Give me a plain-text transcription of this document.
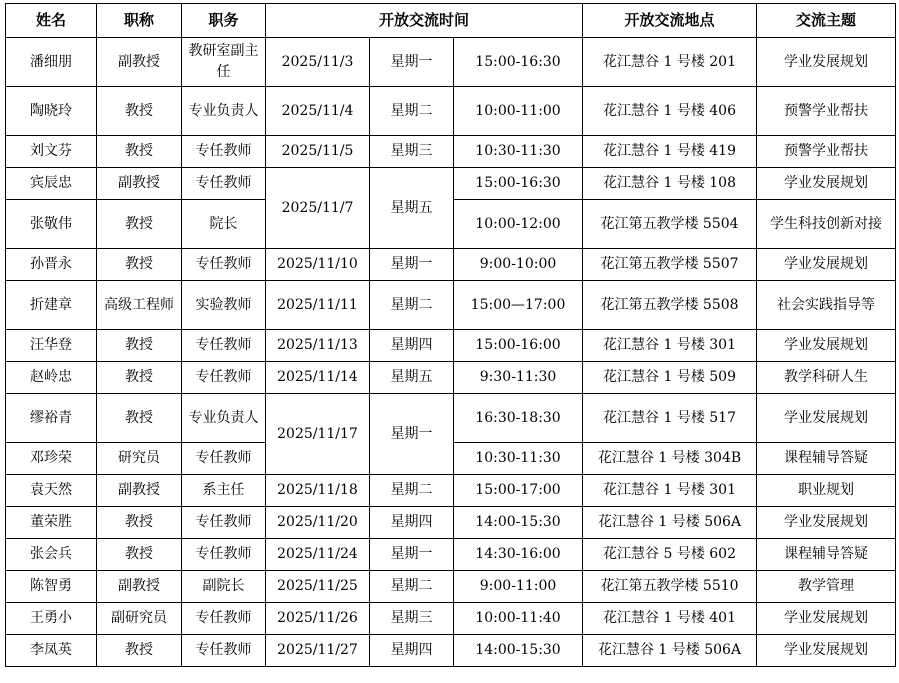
姓名	职称	职务	开放交流时间			开放交流地点	交流主题
潘细朋	副教授	教研室副主任	2025/11/3	星期一	15:00-16:30	花江慧谷 1 号楼 201	学业发展规划
陶晓玲	教授	专业负责人	2025/11/4	星期二	10:00-11:00	花江慧谷 1 号楼 406	预警学业帮扶
刘文芬	教授	专任教师	2025/11/5	星期三	10:30-11:30	花江慧谷 1 号楼 419	预警学业帮扶
宾辰忠	副教授	专任教师	2025/11/7	星期五	15:00-16:30	花江慧谷 1 号楼 108	学业发展规划
张敬伟	教授	院长			10:00-12:00	花江第五教学楼 5504	学生科技创新对接
孙晋永	教授	专任教师	2025/11/10	星期一	9:00-10:00	花江第五教学楼 5507	学业发展规划
折建章	高级工程师	实验教师	2025/11/11	星期二	15:00—17:00	花江第五教学楼 5508	社会实践指导等
汪华登	教授	专任教师	2025/11/13	星期四	15:00-16:00	花江慧谷 1 号楼 301	学业发展规划
赵岭忠	教授	专任教师	2025/11/14	星期五	9:30-11:30	花江慧谷 1 号楼 509	教学科研人生
缪裕青	教授	专业负责人	2025/11/17	星期一	16:30-18:30	花江慧谷 1 号楼 517	学业发展规划
邓珍荣	研究员	专任教师			10:30-11:30	花江慧谷 1 号楼 304B	课程辅导答疑
袁天然	副教授	系主任	2025/11/18	星期二	15:00-17:00	花江慧谷 1 号楼 301	职业规划
董荣胜	教授	专任教师	2025/11/20	星期四	14:00-15:30	花江慧谷 1 号楼 506A	学业发展规划
张会兵	教授	专任教师	2025/11/24	星期一	14:30-16:00	花江慧谷 5 号楼 602	课程辅导答疑
陈智勇	副教授	副院长	2025/11/25	星期二	9:00-11:00	花江第五教学楼 5510	教学管理
王勇小	副研究员	专任教师	2025/11/26	星期三	10:00-11:40	花江慧谷 1 号楼 401	学业发展规划
李凤英	教授	专任教师	2025/11/27	星期四	14:00-15:30	花江慧谷 1 号楼 506A	学业发展规划
